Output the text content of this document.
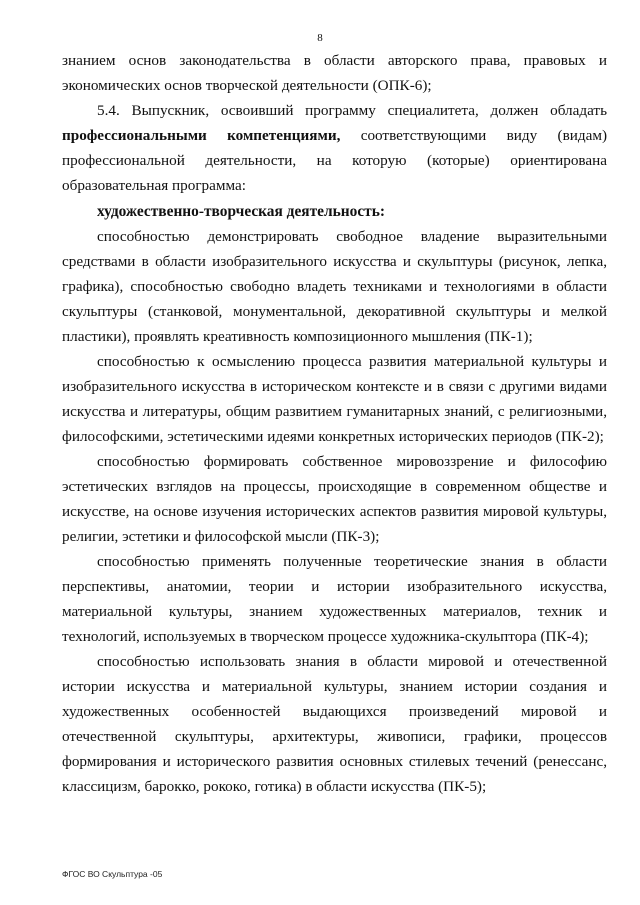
8

знанием основ законодательства в области авторского права, правовых и экономических основ творческой деятельности (ОПК-6);

5.4. Выпускник, освоивший программу специалитета, должен обладать профессиональными компетенциями, соответствующими виду (видам) профессиональной деятельности, на которую (которые) ориентирована образовательная программа:

художественно-творческая деятельность:

способностью демонстрировать свободное владение выразительными средствами в области изобразительного искусства и скульптуры (рисунок, лепка, графика), способностью свободно владеть техниками и технологиями в области скульптуры (станковой, монументальной, декоративной скульптуры и мелкой пластики), проявлять креативность композиционного мышления (ПК-1);

способностью к осмыслению процесса развития материальной культуры и изобразительного искусства в историческом контексте и в связи с другими видами искусства и литературы, общим развитием гуманитарных знаний, с религиозными, философскими, эстетическими идеями конкретных исторических периодов (ПК-2);

способностью формировать собственное мировоззрение и философию эстетических взглядов на процессы, происходящие в современном обществе и искусстве, на основе изучения исторических аспектов развития мировой культуры, религии, эстетики и философской мысли (ПК-3);

способностью применять полученные теоретические знания в области перспективы, анатомии, теории и истории изобразительного искусства, материальной культуры, знанием художественных материалов, техник и технологий, используемых в творческом процессе художника-скульптора (ПК-4);

способностью использовать знания в области мировой и отечественной истории искусства и материальной культуры, знанием истории создания и художественных особенностей выдающихся произведений мировой и отечественной скульптуры, архитектуры, живописи, графики, процессов формирования и исторического развития основных стилевых течений (ренессанс, классицизм, барокко, рококо, готика) в области искусства (ПК-5);

ФГОС ВО Скульптура -05
